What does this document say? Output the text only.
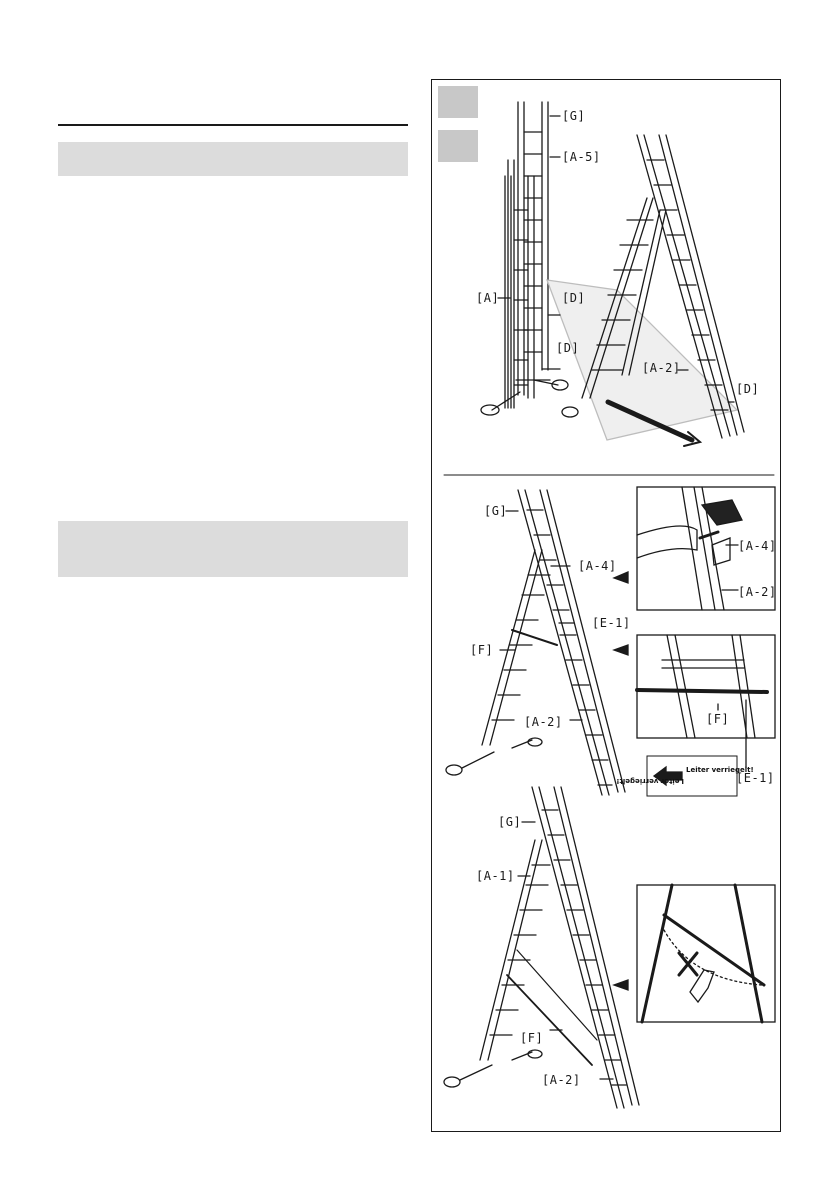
[G]
[A-5]
[A]	[D]
[D]
[A-2]
[D]
[G]
[A-4]
[A-4]
[A-2]
[E-1]
[F]
[F]
[A-2]
[E-1]
[G]
[A-1]
[F]
[A-2]
Leiter verriegelt!
Leiter verriegelt!
